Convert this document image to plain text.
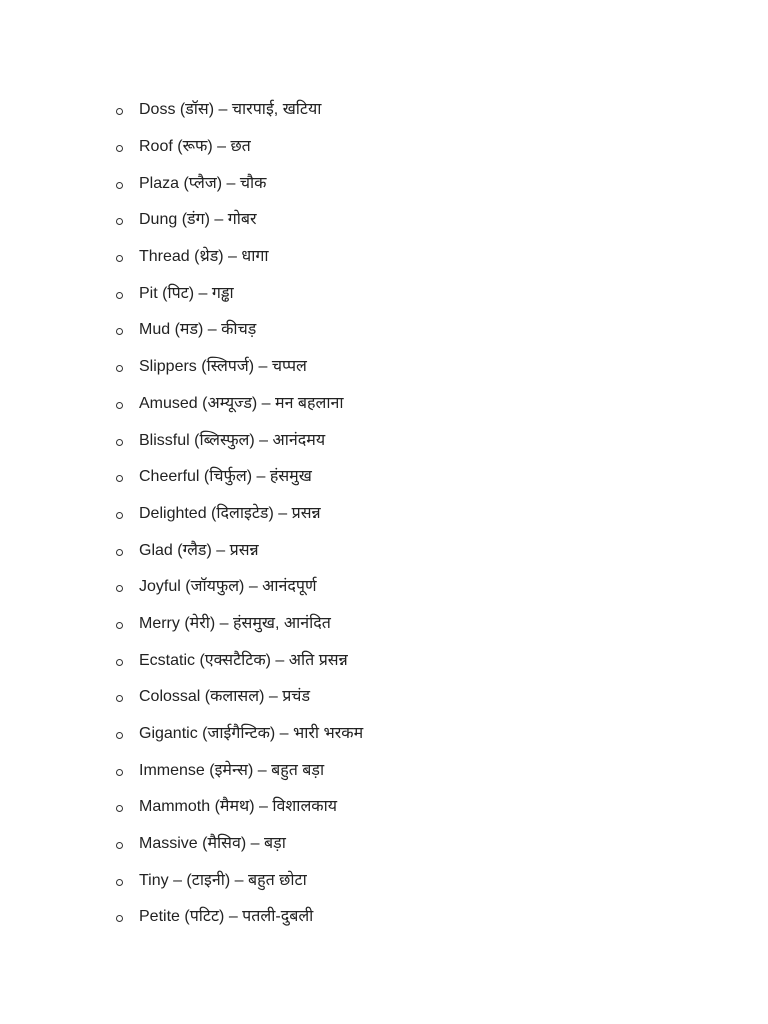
Doss (डॉस) – चारपाई, खटिया
Roof (रूफ) – छत
Plaza (प्लैज) – चौक
Dung (डंग) – गोबर
Thread (थ्रेड) – धागा
Pit (पिट) – गड्ढा
Mud (मड) – कीचड़
Slippers (स्लिपर्ज) – चप्पल
Amused (अम्यूज्ड) – मन बहलाना
Blissful (ब्लिस्फुल) – आनंदमय
Cheerful (चिर्फुल) – हंसमुख
Delighted (दिलाइटेड) – प्रसन्न
Glad (ग्लैड) – प्रसन्न
Joyful (जॉयफुल) – आनंदपूर्ण
Merry (मेरी) – हंसमुख, आनंदित
Ecstatic (एक्सटैटिक) – अति प्रसन्न
Colossal (कलासल) – प्रचंड
Gigantic (जाईगैन्टिक) – भारी भरकम
Immense (इमेन्स) – बहुत बड़ा
Mammoth (मैमथ) – विशालकाय
Massive (मैसिव) – बड़ा
Tiny – (टाइनी) – बहुत छोटा
Petite (पटिट) – पतली-दुबली
